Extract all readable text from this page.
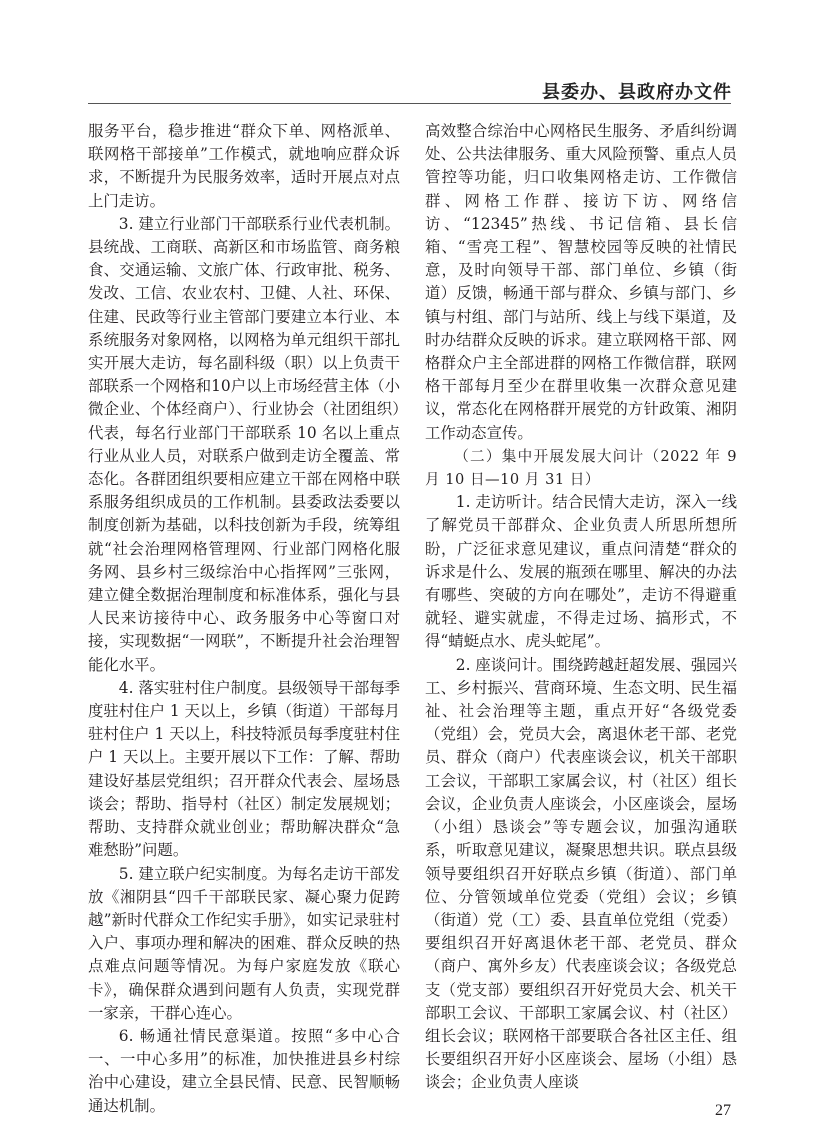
县委办、县政府办文件

服务平台，稳步推进“群众下单、网格派单、联网格干部接单”工作模式，就地响应群众诉求，不断提升为民服务效率，适时开展点对点上门走访。

3. 建立行业部门干部联系行业代表机制。县统战、工商联、高新区和市场监管、商务粮食、交通运输、文旅广体、行政审批、税务、发改、工信、农业农村、卫健、人社、环保、住建、民政等行业主管部门要建立本行业、本系统服务对象网格，以网格为单元组织干部扎实开展大走访，每名副科级（职）以上负责干部联系一个网格和10户以上市场经营主体（小微企业、个体经商户）、行业协会（社团组织）代表，每名行业部门干部联系 10 名以上重点行业从业人员，对联系户做到走访全覆盖、常态化。各群团组织要相应建立干部在网格中联系服务组织成员的工作机制。县委政法委要以制度创新为基础，以科技创新为手段，统筹组就“社会治理网格管理网、行业部门网格化服务网、县乡村三级综治中心指挥网”三张网，建立健全数据治理制度和标准体系，强化与县人民来访接待中心、政务服务中心等窗口对接，实现数据“一网联”，不断提升社会治理智能化水平。

4. 落实驻村住户制度。县级领导干部每季度驻村住户 1 天以上，乡镇（街道）干部每月驻村住户 1 天以上，科技特派员每季度驻村住户 1 天以上。主要开展以下工作：了解、帮助建设好基层党组织；召开群众代表会、屋场恳谈会；帮助、指导村（社区）制定发展规划；帮助、支持群众就业创业；帮助解决群众“急难愁盼”问题。

5. 建立联户纪实制度。为每名走访干部发放《湘阴县“四千干部联民家、凝心聚力促跨越”新时代群众工作纪实手册》，如实记录驻村入户、事项办理和解决的困难、群众反映的热点难点问题等情况。为每户家庭发放《联心卡》，确保群众遇到问题有人负责，实现党群一家亲，干群心连心。

6. 畅通社情民意渠道。按照“多中心合一、一中心多用”的标准，加快推进县乡村综治中心建设，建立全县民情、民意、民智顺畅通达机制。

高效整合综治中心网格民生服务、矛盾纠纷调处、公共法律服务、重大风险预警、重点人员管控等功能，归口收集网格走访、工作微信群、网格工作群、接访下访、网络信访、“12345”热线、书记信箱、县长信箱、“雪亮工程”、智慧校园等反映的社情民意，及时向领导干部、部门单位、乡镇（街道）反馈，畅通干部与群众、乡镇与部门、乡镇与村组、部门与站所、线上与线下渠道，及时办结群众反映的诉求。建立联网格干部、网格群众户主全部进群的网格工作微信群，联网格干部每月至少在群里收集一次群众意见建议，常态化在网格群开展党的方针政策、湘阴工作动态宣传。

（二）集中开展发展大问计（2022 年 9 月 10 日—10 月 31 日）

1. 走访听计。结合民情大走访，深入一线了解党员干部群众、企业负责人所思所想所盼，广泛征求意见建议，重点问清楚“群众的诉求是什么、发展的瓶颈在哪里、解决的办法有哪些、突破的方向在哪处”，走访不得避重就轻、避实就虚，不得走过场、搞形式，不得“蜻蜓点水、虎头蛇尾”。

2. 座谈问计。围绕跨越赶超发展、强园兴工、乡村振兴、营商环境、生态文明、民生福祉、社会治理等主题，重点开好“各级党委（党组）会，党员大会，离退休老干部、老党员、群众（商户）代表座谈会议，机关干部职工会议，干部职工家属会议，村（社区）组长会议，企业负责人座谈会，小区座谈会，屋场（小组）恳谈会”等专题会议，加强沟通联系，听取意见建议，凝聚思想共识。联点县级领导要组织召开好联点乡镇（街道）、部门单位、分管领域单位党委（党组）会议；乡镇（街道）党（工）委、县直单位党组（党委）要组织召开好离退休老干部、老党员、群众（商户、寓外乡友）代表座谈会议；各级党总支（党支部）要组织召开好党员大会、机关干部职工会议、干部职工家属会议、村（社区）组长会议；联网格干部要联合各社区主任、组长要组织召开好小区座谈会、屋场（小组）恳谈会；企业负责人座谈

27
